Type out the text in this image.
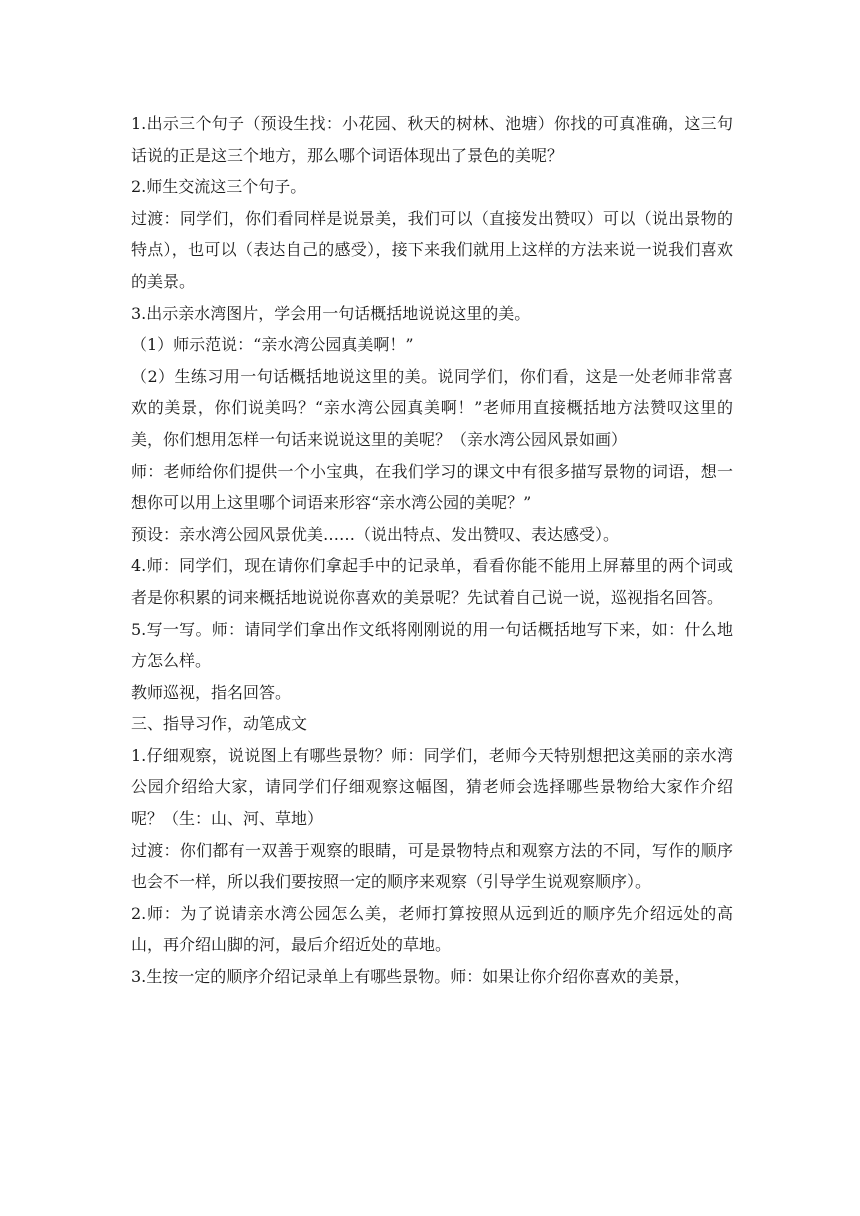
1.出示三个句子（预设生找：小花园、秋天的树林、池塘）你找的可真准确，这三句话说的正是这三个地方，那么哪个词语体现出了景色的美呢？

2.师生交流这三个句子。

过渡：同学们，你们看同样是说景美，我们可以（直接发出赞叹）可以（说出景物的特点），也可以（表达自己的感受），接下来我们就用上这样的方法来说一说我们喜欢的美景。

3.出示亲水湾图片，学会用一句话概括地说说这里的美。

（1）师示范说：“亲水湾公园真美啊！”

（2）生练习用一句话概括地说这里的美。说同学们，你们看，这是一处老师非常喜欢的美景，你们说美吗？“亲水湾公园真美啊！”老师用直接概括地方法赞叹这里的美，你们想用怎样一句话来说说这里的美呢？（亲水湾公园风景如画）

师：老师给你们提供一个小宝典，在我们学习的课文中有很多描写景物的词语，想一想你可以用上这里哪个词语来形容“亲水湾公园的美呢？”

预设：亲水湾公园风景优美……（说出特点、发出赞叹、表达感受）。

4.师：同学们，现在请你们拿起手中的记录单，看看你能不能用上屏幕里的两个词或者是你积累的词来概括地说说你喜欢的美景呢？先试着自己说一说，巡视指名回答。

5.写一写。师：请同学们拿出作文纸将刚刚说的用一句话概括地写下来，如：什么地方怎么样。

教师巡视，指名回答。

三、指导习作，动笔成文

1.仔细观察，说说图上有哪些景物？师：同学们，老师今天特别想把这美丽的亲水湾公园介绍给大家，请同学们仔细观察这幅图，猜老师会选择哪些景物给大家作介绍呢？（生：山、河、草地）

过渡：你们都有一双善于观察的眼睛，可是景物特点和观察方法的不同，写作的顺序也会不一样，所以我们要按照一定的顺序来观察（引导学生说观察顺序）。

2.师：为了说请亲水湾公园怎么美，老师打算按照从远到近的顺序先介绍远处的高山，再介绍山脚的河，最后介绍近处的草地。

3.生按一定的顺序介绍记录单上有哪些景物。师：如果让你介绍你喜欢的美景，
